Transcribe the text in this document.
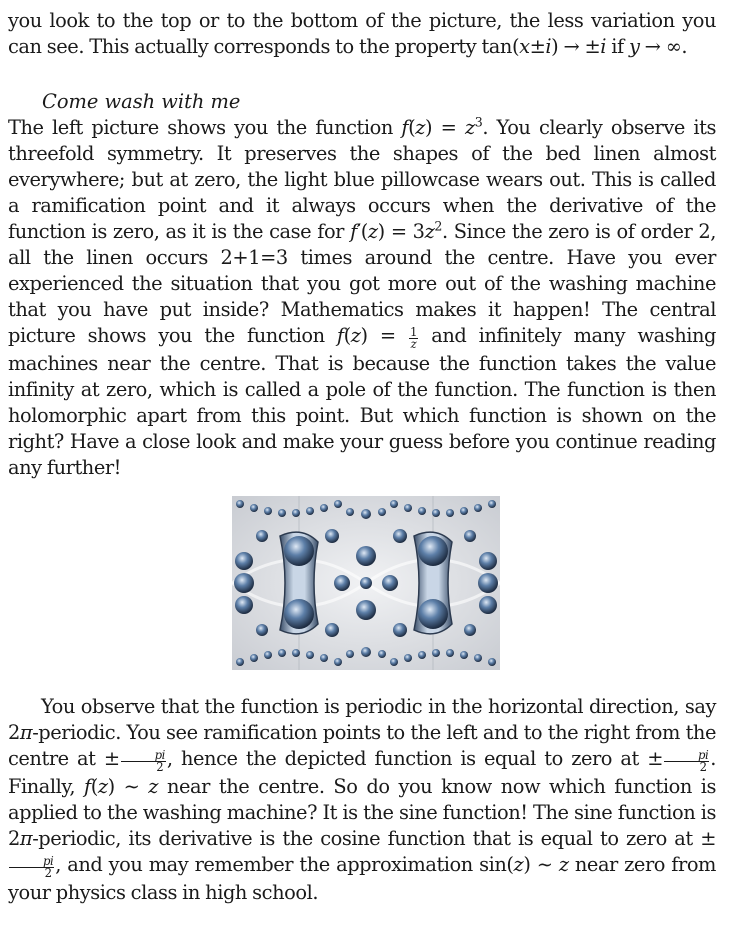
you look to the top or to the bottom of the picture, the less variation you can see. This actually corresponds to the property tan(x±i) → ±i if y → ∞.

Come wash with me

The left picture shows you the function $f(z) = z^3$. You clearly observe its threefold symmetry. It preserves the shapes of the bed linen almost everywhere; but at zero, the light blue pillowcase wears out. This is called a ramification point and it always occurs when the derivative of the function is zero, as it is the case for $f'(z) = 3z^2$. Since the zero is of order 2, all the linen occurs 2+1=3 times around the centre. Have you ever experienced the situation that you got more out of the washing machine that you have put inside? Mathematics makes it happen! The central picture shows you the function $f(z) = \frac{1}{z}$ and infinitely many washing machines near the centre. That is because the function takes the value infinity at zero, which is called a pole of the function. The function is then holomorphic apart from this point. But which function is shown on the right? Have a close look and make your guess before you continue reading any further!

You observe that the function is periodic in the horizontal direction, say 2π-periodic. You see ramification points to the left and to the right from the centre at ± $\frac{pi}{2}$ , hence the depicted function is equal to zero at ± $\frac{pi}{2}$ . Finally, f(z) ∼ z near the centre. So do you know now which function is applied to the washing machine? It is the sine function! The sine function is 2π-periodic, its derivative is the cosine function that is equal to zero at ±
$\frac{pi}{2}$ , and you may remember the approximation sin(z) ∼ z near zero from your physics class in high school.
